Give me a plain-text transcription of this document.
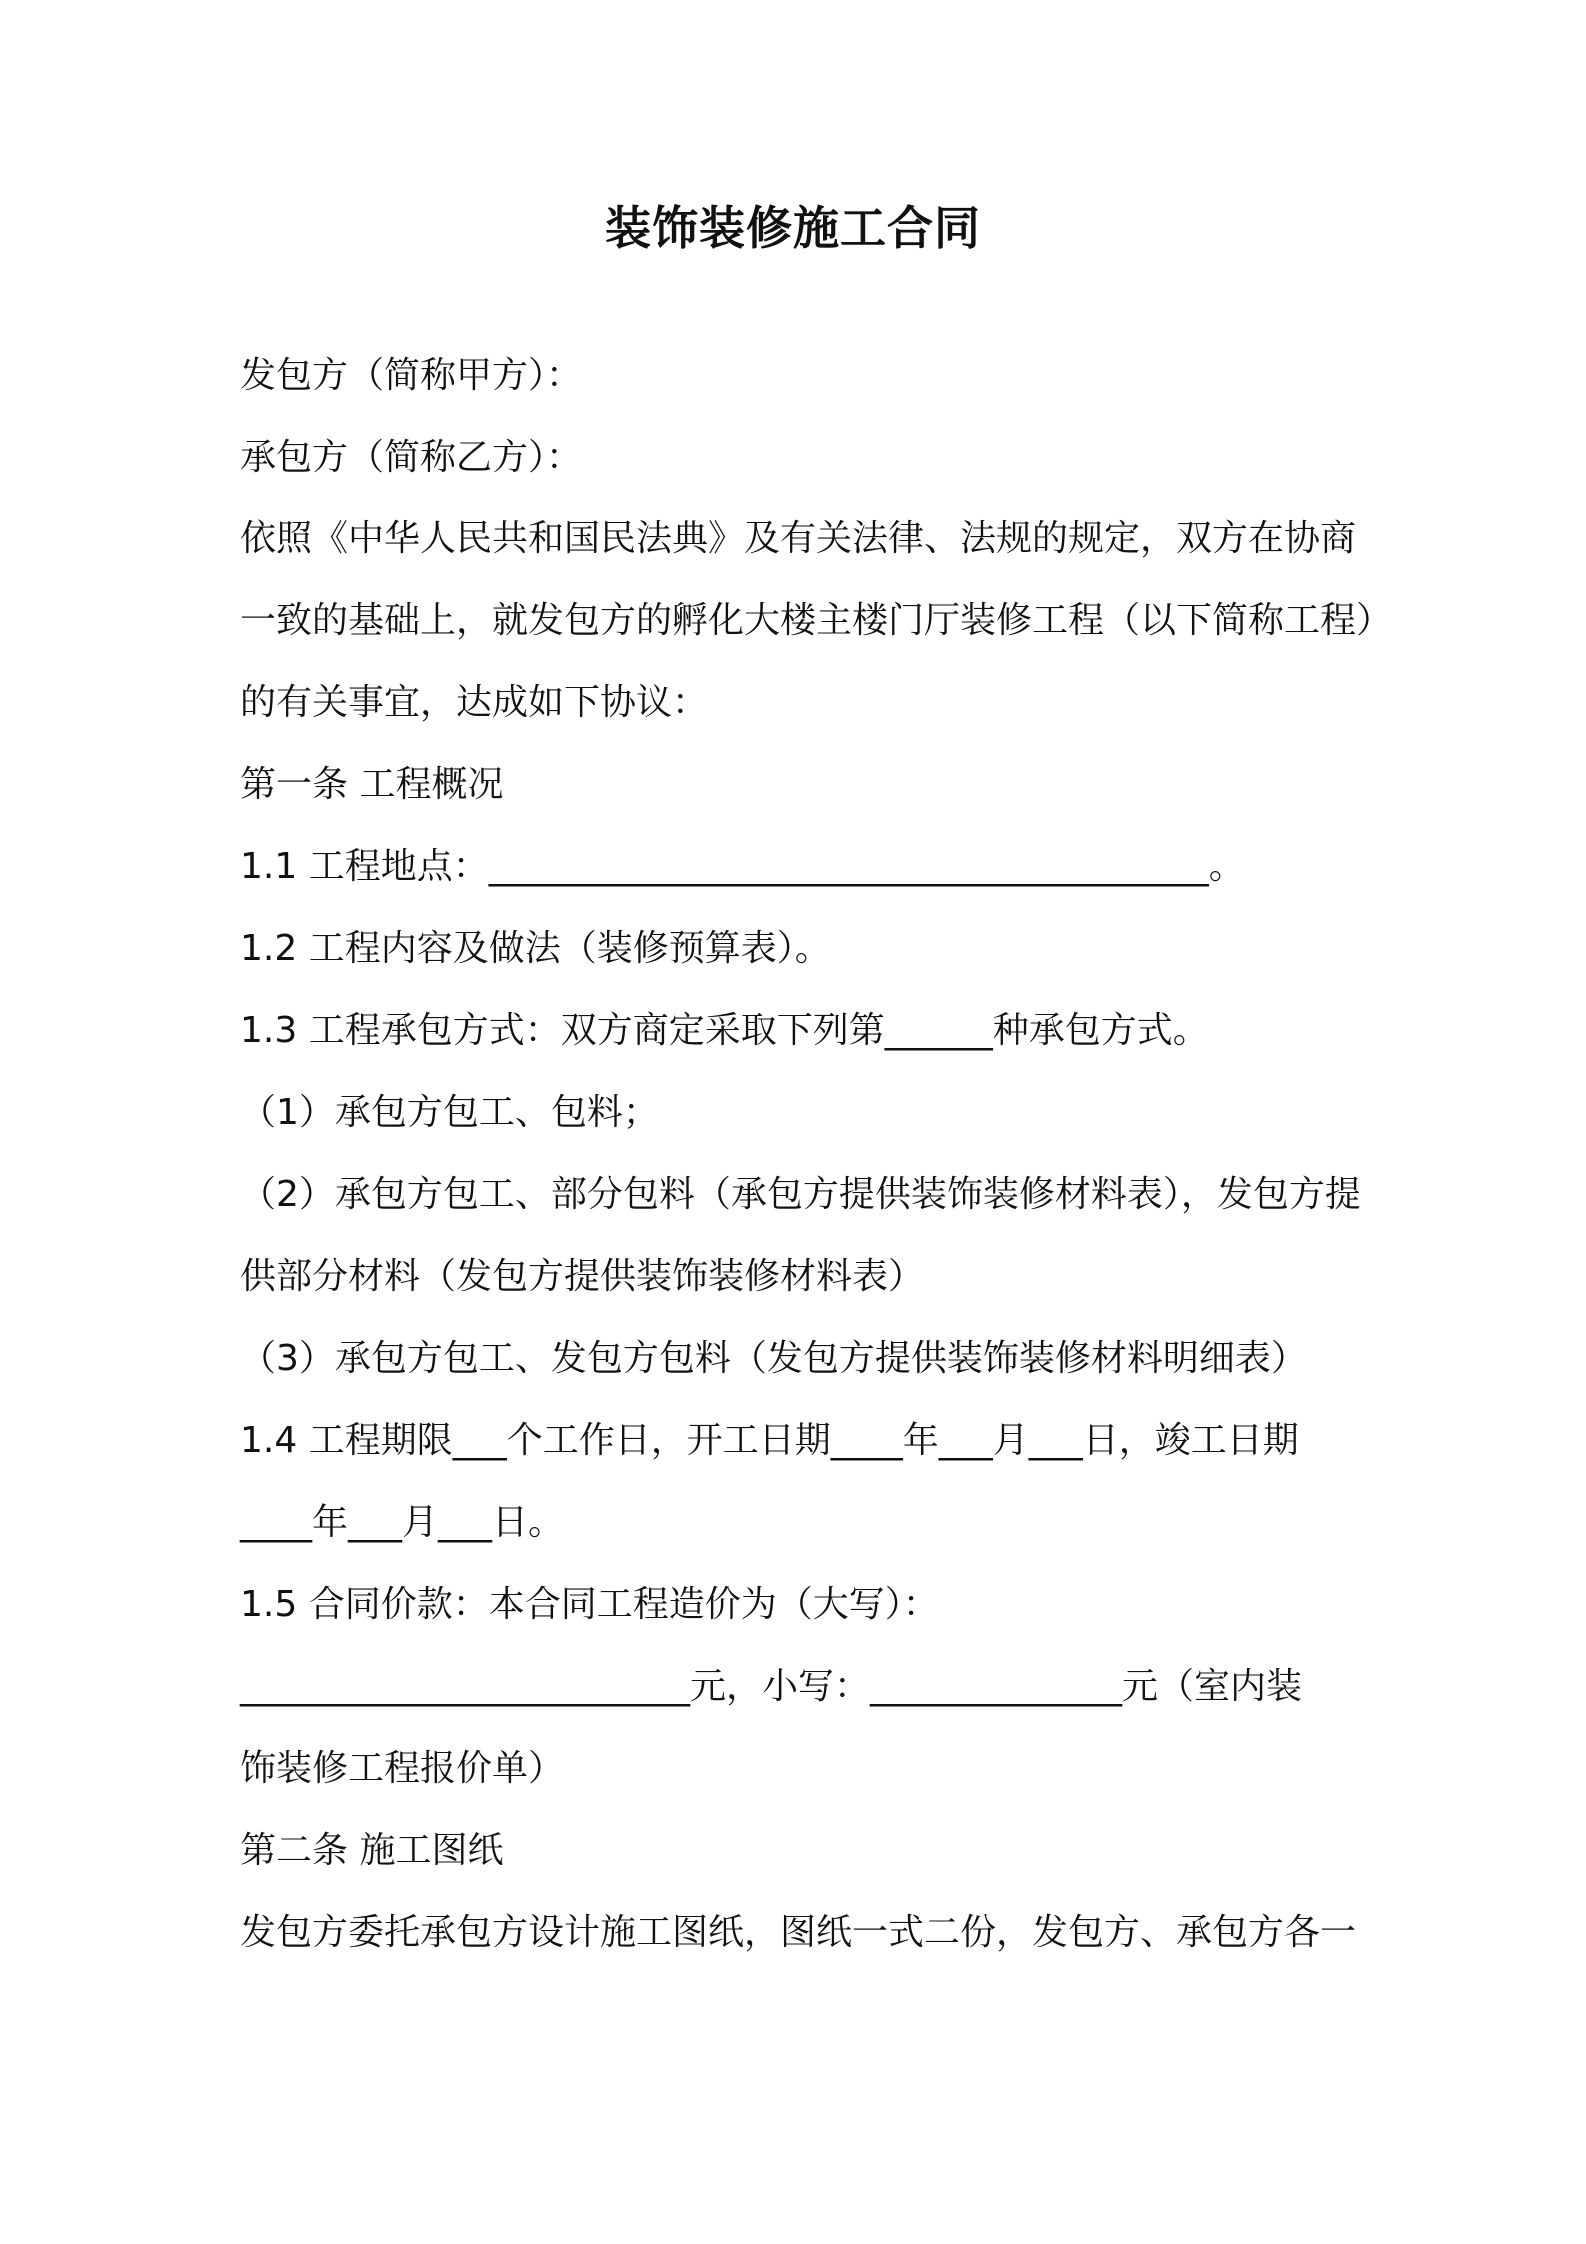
装饰装修施工合同
发包方（简称甲方）：
承包方（简称乙方）：
依照《中华人民共和国民法典》及有关法律、法规的规定，双方在协商
一致的基础上，就发包方的孵化大楼主楼门厅装修工程（以下简称工程）
的有关事宜，达成如下协议：
第一条 工程概况
1.1 工程地点：________________________________________。
1.2 工程内容及做法（装修预算表）。
1.3 工程承包方式：双方商定采取下列第______种承包方式。
（1）承包方包工、包料；
（2）承包方包工、部分包料（承包方提供装饰装修材料表），发包方提
供部分材料（发包方提供装饰装修材料表）
（3）承包方包工、发包方包料（发包方提供装饰装修材料明细表）
1.4 工程期限___个工作日，开工日期____年___月___日，竣工日期
____年___月___日。
1.5 合同价款：本合同工程造价为（大写）：
_________________________元，小写：______________元（室内装
饰装修工程报价单）
第二条 施工图纸
发包方委托承包方设计施工图纸，图纸一式二份，发包方、承包方各一
